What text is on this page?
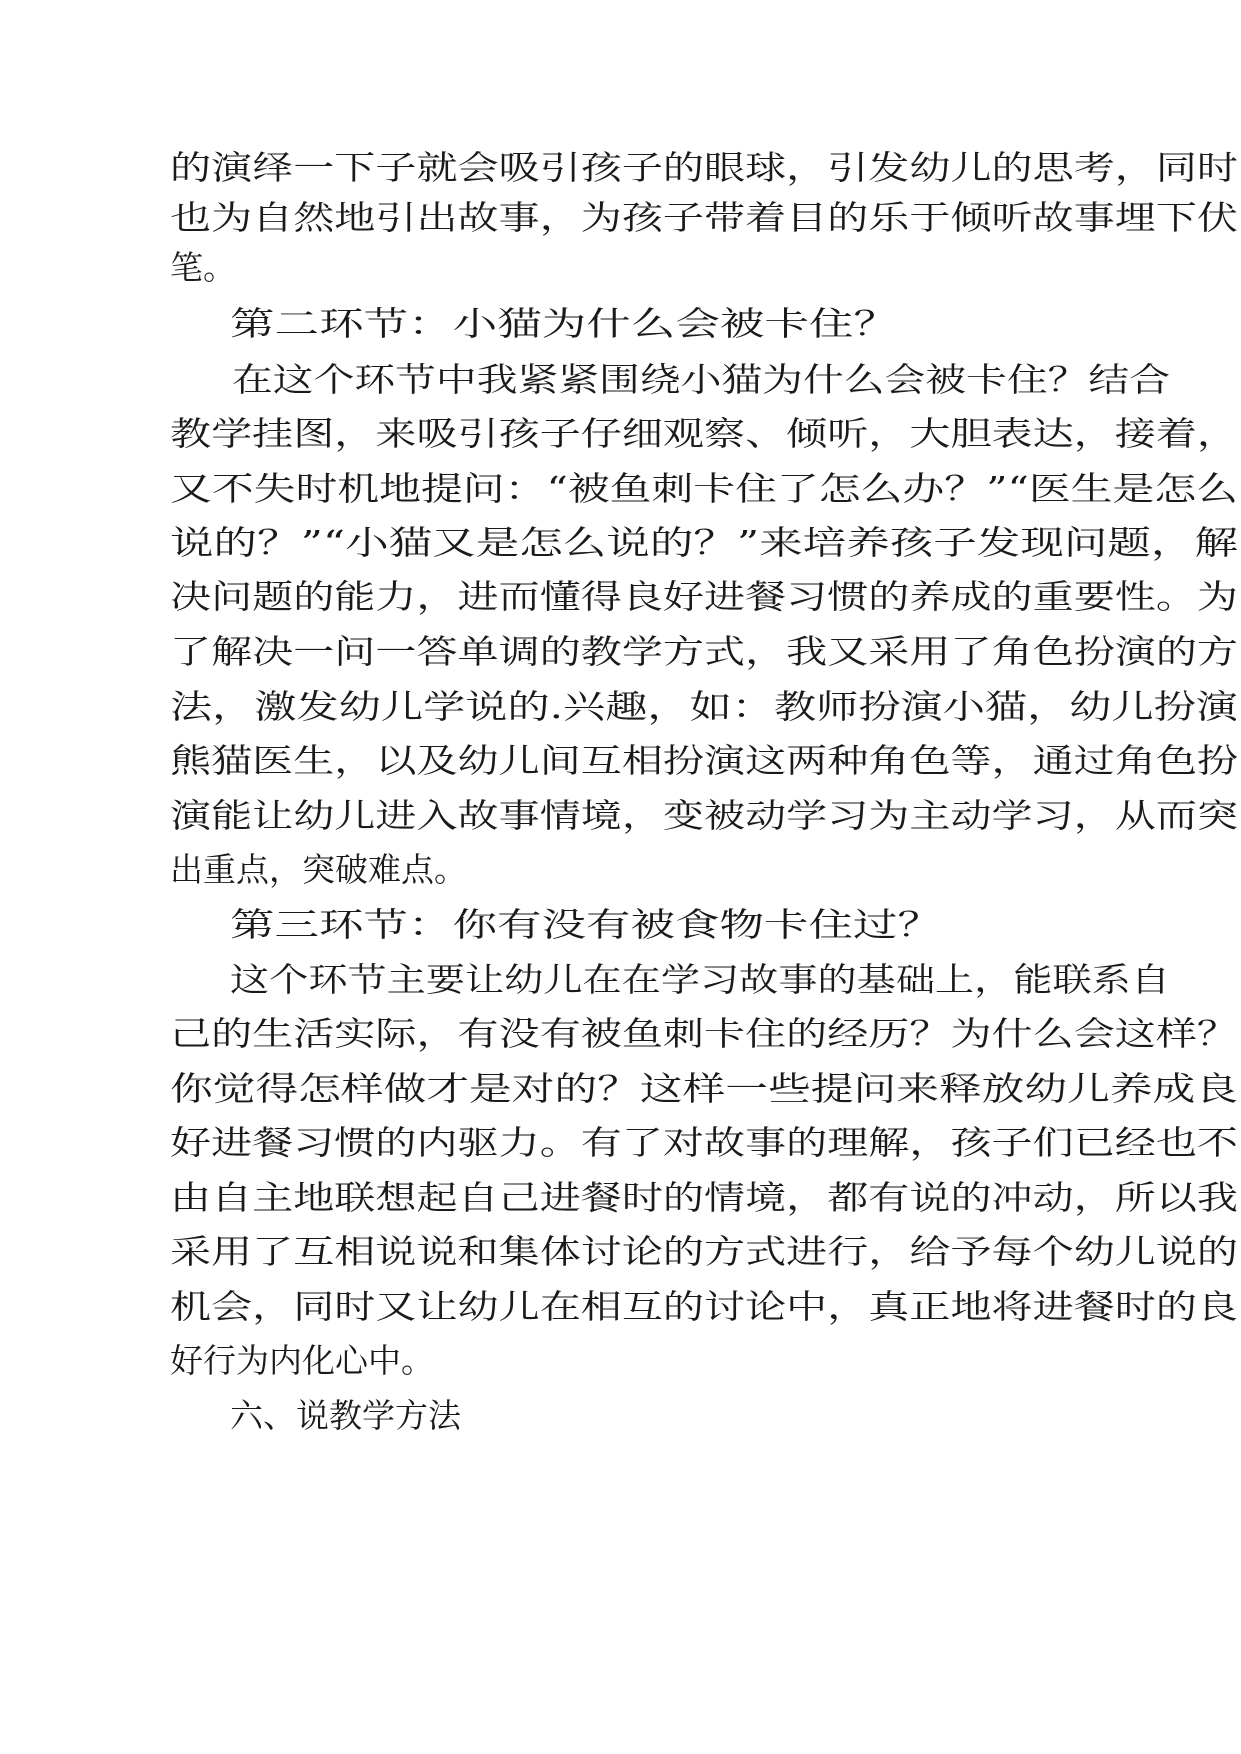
的演绎一下子就会吸引孩子的眼球，引发幼儿的思考，同时
也为自然地引出故事，为孩子带着目的乐于倾听故事埋下伏
笔。
第二环节：小猫为什么会被卡住？
在这个环节中我紧紧围绕小猫为什么会被卡住？结合
教学挂图，来吸引孩子仔细观察、倾听，大胆表达，接着，
又不失时机地提问：“被鱼刺卡住了怎么办？”“医生是怎么
说的？”“小猫又是怎么说的？”来培养孩子发现问题，解
决问题的能力，进而懂得良好进餐习惯的养成的重要性。为
了解决一问一答单调的教学方式，我又采用了角色扮演的方
法，激发幼儿学说的.兴趣，如：教师扮演小猫，幼儿扮演
熊猫医生，以及幼儿间互相扮演这两种角色等，通过角色扮
演能让幼儿进入故事情境，变被动学习为主动学习，从而突
出重点，突破难点。
第三环节：你有没有被食物卡住过？
这个环节主要让幼儿在在学习故事的基础上，能联系自
己的生活实际，有没有被鱼刺卡住的经历？为什么会这样？
你觉得怎样做才是对的？这样一些提问来释放幼儿养成良
好进餐习惯的内驱力。有了对故事的理解，孩子们已经也不
由自主地联想起自己进餐时的情境，都有说的冲动，所以我
采用了互相说说和集体讨论的方式进行，给予每个幼儿说的
机会，同时又让幼儿在相互的讨论中，真正地将进餐时的良
好行为内化心中。
六、说教学方法
